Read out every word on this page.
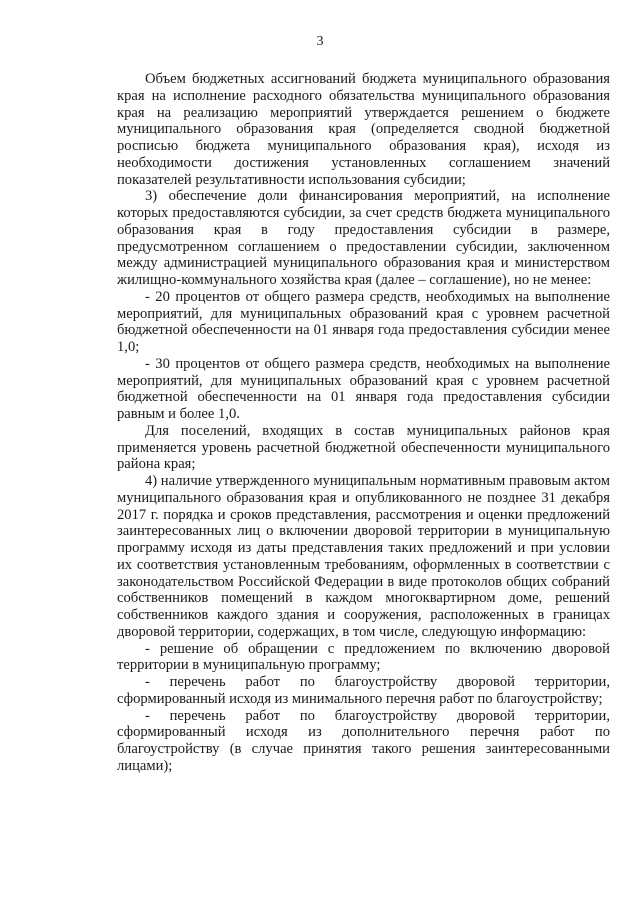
3

Объем бюджетных ассигнований бюджета муниципального образования края на исполнение расходного обязательства муниципального образования края на реализацию мероприятий утверждается решением о бюджете муниципального образования края (определяется сводной бюджетной росписью бюджета муниципального образования края), исходя из необходимости достижения установленных соглашением значений показателей результативности использования субсидии;

3) обеспечение доли финансирования мероприятий, на исполнение которых предоставляются субсидии, за счет средств бюджета муниципального образования края в году предоставления субсидии в размере, предусмотренном соглашением о предоставлении субсидии, заключенном между администрацией муниципального образования края и министерством жилищно-коммунального хозяйства края (далее – соглашение), но не менее:

- 20 процентов от общего размера средств, необходимых на выполнение мероприятий, для муниципальных образований края с уровнем расчетной бюджетной обеспеченности на 01 января года предоставления субсидии менее 1,0;

- 30 процентов от общего размера средств, необходимых на выполнение мероприятий, для муниципальных образований края с уровнем расчетной бюджетной обеспеченности на 01 января года предоставления субсидии равным и более 1,0.

Для поселений, входящих в состав муниципальных районов края применяется уровень расчетной бюджетной обеспеченности муниципального района края;

4) наличие утвержденного муниципальным нормативным правовым актом муниципального образования края и опубликованного не позднее 31 декабря 2017 г. порядка и сроков представления, рассмотрения и оценки предложений заинтересованных лиц о включении дворовой территории в муниципальную программу исходя из даты представления таких предложений и при условии их соответствия установленным требованиям, оформленных в соответствии с законодательством Российской Федерации в виде протоколов общих собраний собственников помещений в каждом многоквартирном доме, решений собственников каждого здания и сооружения, расположенных в границах дворовой территории, содержащих, в том числе, следующую информацию:

- решение об обращении с предложением по включению дворовой территории в муниципальную программу;

- перечень работ по благоустройству дворовой территории, сформированный исходя из минимального перечня работ по благоустройству;

- перечень работ по благоустройству дворовой территории, сформированный исходя из дополнительного перечня работ по благоустройству (в случае принятия такого решения заинтересованными лицами);
